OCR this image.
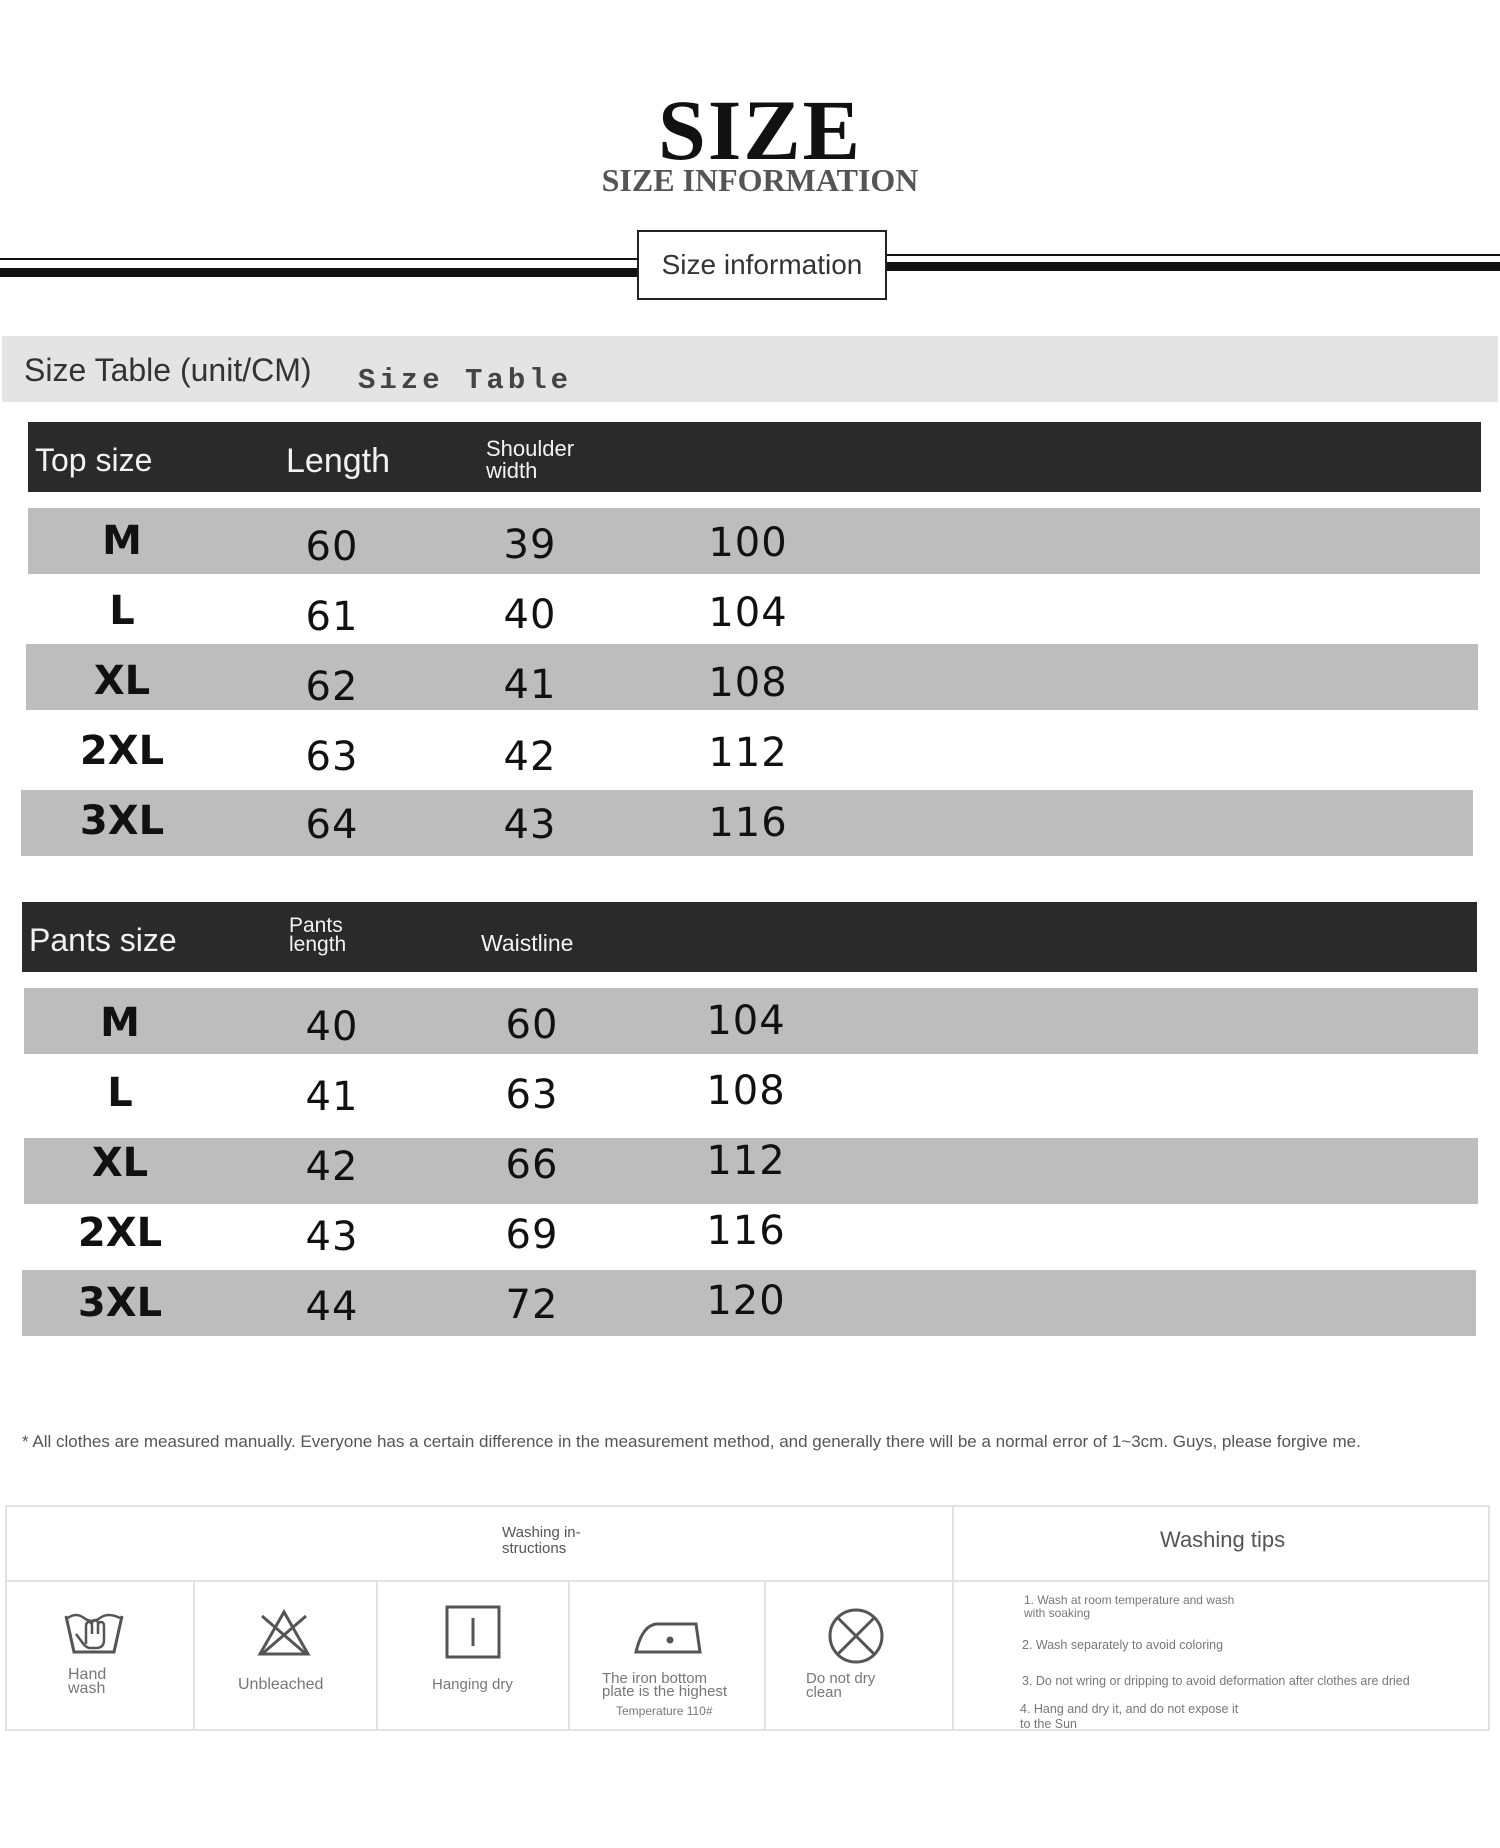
SIZE
SIZE INFORMATION
Size information
Size Table (unit/CM) Size Table
Top size	Length	Shoulder width
M	60	39	100
L	61	40	104
XL	62	41	108
2XL	63	42	112
3XL	64	43	116
Pants size	Pants length	Waistline
M	40	60	104
L	41	63	108
XL	42	66	112
2XL	43	69	116
3XL	44	72	120
* All clothes are measured manually. Everyone has a certain difference in the measurement method, and generally there will be a normal error of 1~3cm. Guys, please forgive me.
Washing in-structions	Washing tips
Hand wash	Unbleached	Hanging dry	The iron bottom plate is the highest
Temperature 110#
Do not dry clean
1. Wash at room temperature and wash with soaking
2. Wash separately to avoid coloring
3. Do not wring or dripping to avoid deformation after clothes are dried
4. Hang and dry it, and do not expose it to the Sun
